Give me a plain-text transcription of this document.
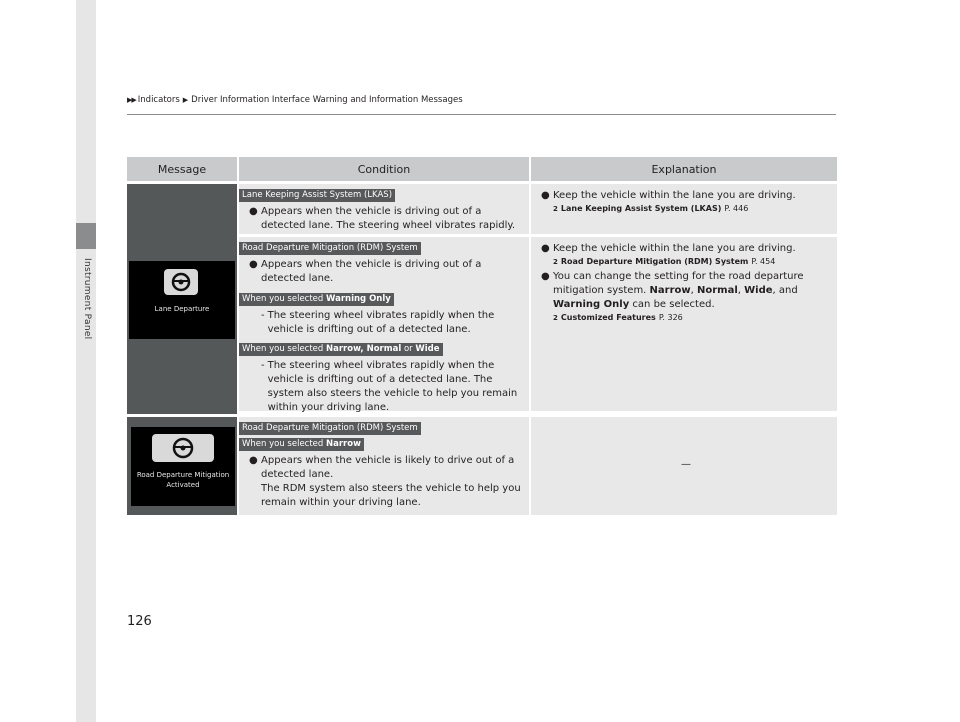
Instrument Panel
▶▶ Indicators ▶ Driver Information Interface Warning and Information Messages
Message	Condition	Explanation
Lane Departure
Lane Keeping Assist System (LKAS)
● Appears when the vehicle is driving out of a detected lane. The steering wheel vibrates rapidly.
● Keep the vehicle within the lane you are driving.
2 Lane Keeping Assist System (LKAS) P. 446
Road Departure Mitigation (RDM) System
● Appears when the vehicle is driving out of a detected lane.
When you selected Warning Only
- The steering wheel vibrates rapidly when the vehicle is drifting out of a detected lane.
When you selected Narrow, Normal or Wide
- The steering wheel vibrates rapidly when the vehicle is drifting out of a detected lane. The system also steers the vehicle to help you remain within your driving lane.
● Keep the vehicle within the lane you are driving.
2 Road Departure Mitigation (RDM) System P. 454
● You can change the setting for the road departure mitigation system. Narrow, Normal, Wide, and Warning Only can be selected.
2 Customized Features P. 326
Road Departure Mitigation
Activated
Road Departure Mitigation (RDM) System
When you selected Narrow
● Appears when the vehicle is likely to drive out of a detected lane.
The RDM system also steers the vehicle to help you remain within your driving lane.
—
126
